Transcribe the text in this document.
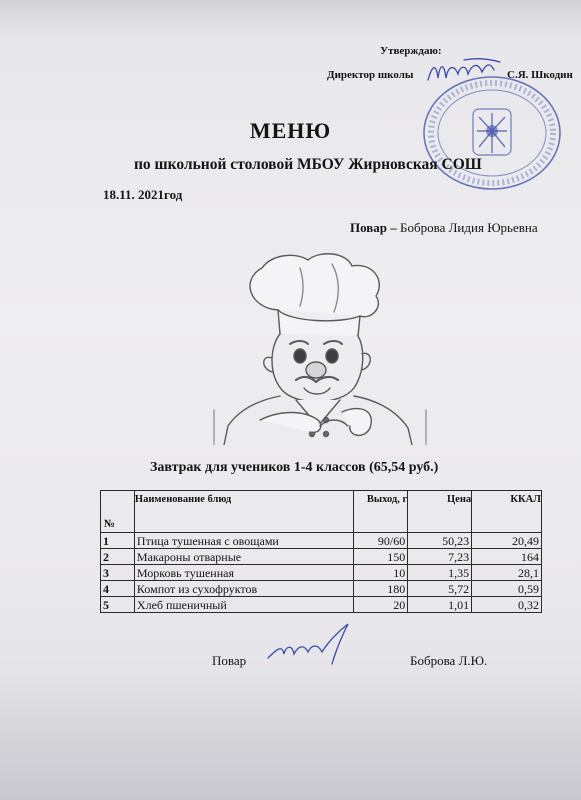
Утверждаю:
Директор школы	С.Я. Шкодин
МЕНЮ
по школьной столовой МБОУ Жирновская СОШ
18.11. 2021год
Повар – Боброва Лидия Юрьевна
Завтрак для учеников 1-4 классов (65,54 руб.)
№	Наименование блюд	Выход, г	Цена	ККАЛ
1	Птица тушенная с овощами	90/60	50,23	20,49
2	Макароны отварные	150	7,23	164
3	Морковь тушенная	10	1,35	28,1
4	Компот из сухофруктов	180	5,72	0,59
5	Хлеб пшеничный	20	1,01	0,32
Повар	Боброва Л.Ю.
